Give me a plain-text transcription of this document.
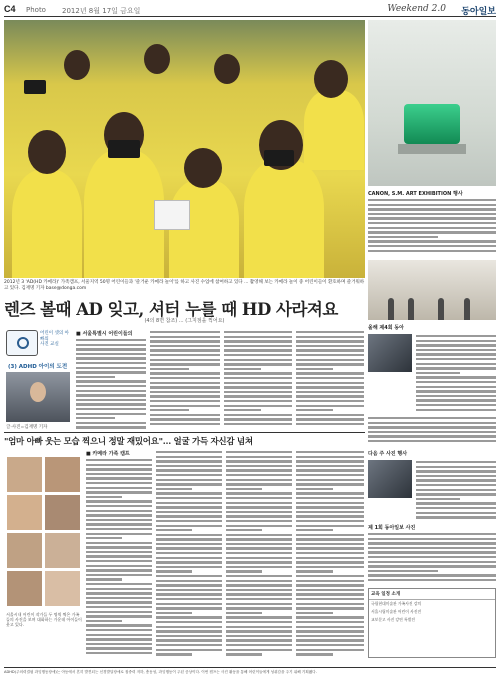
C4 Photo 2012년 8월 17일 금요일	Weekend 2.0 동아일보
2012년 3 'AD(HD 카메라)' 가족캠프, 서울지역 50명 어린이들과 '즐거운 카메라 놀이'를 하고 사진 수업에 참여하고 있다 ... 촬영해 보는 카메라 놀이 중 어린이들이 환호하며 즐거워하고 있다. 김재명 기자 base@donga.com
렌즈 볼때 AD 잊고, 셔터 누를 때 HD 사라져요
(4의 8면 참조) ... (그지점을 찍어요)
어린이 셋의 아빠의
사진 교실
(3) ADHD 아이의 도전
글·사진=김재명 기자
■ 서울특별시 어린이들의
"엄마 아빠 웃는 모습 찍으니 정말 재밌어요"… 얼굴 가득 자신감 넘쳐
서울시내 어린이 작가들 두 명씩 찍은 가족들의 사진을 보며 대화하는 가운데 아이들이 웃고 있다.
■ 카메라 가족 캠프
CANON, S.M. ART EXHIBITION 행사
올해 제4회 동아
다음 주 사진 행사
제 1회 동아일보 사진
교육 일정 소개
국립현대미술관 가족사진 강의
서울시립미술관 어린이 사진전
교보문고 사진 강연 특별전
ADHD(주의력결핍 과잉행동장애)는 아동에서 흔히 발견되는 신경발달장애로 집중력 저하, 충동성, 과잉행동이 주된 증상이다. 이번 캠프는 사진 활동을 통해 어린이들에게 성취감을 주기 위해 기획됐다.
